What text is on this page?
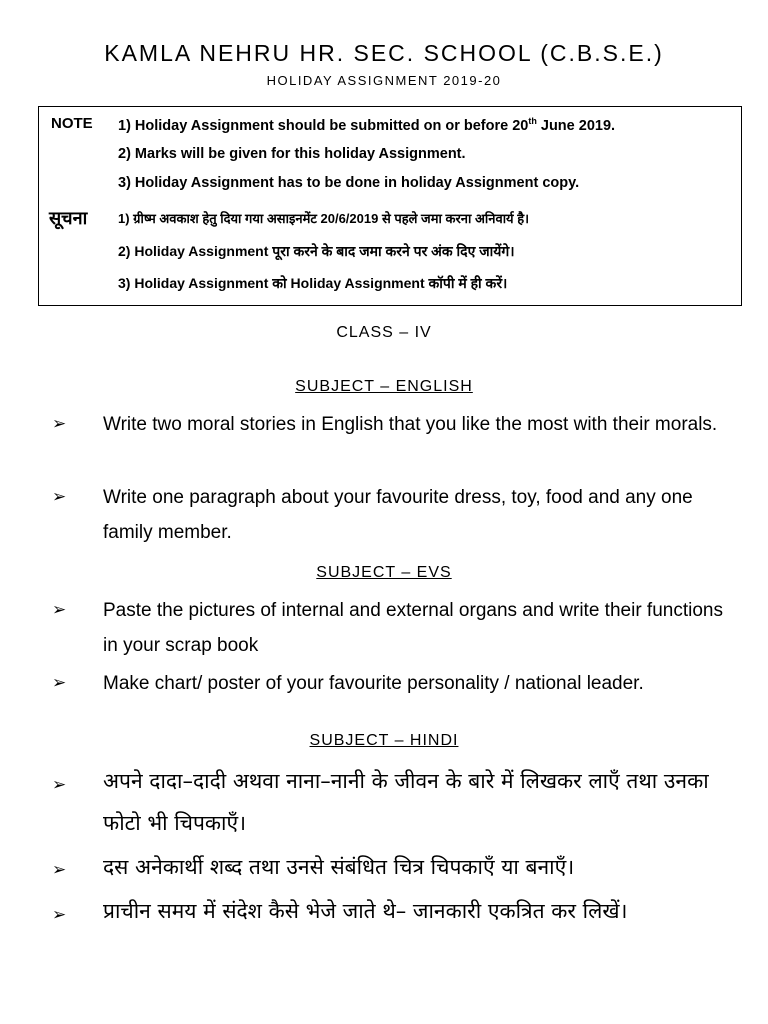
KAMLA NEHRU HR. SEC. SCHOOL (C.B.S.E.)
HOLIDAY ASSIGNMENT 2019-20
NOTE 1) Holiday Assignment should be submitted on or before 20th June 2019.
2) Marks will be given for this holiday Assignment.
3) Holiday Assignment has to be done in holiday Assignment copy.
सूचना 1) ग्रीष्म अवकाश हेतु दिया गया असाइनमेंट 20/6/2019 से पहले जमा करना अनिवार्य है।
2) Holiday Assignment पूरा करने के बाद जमा करने पर अंक दिए जायेंगे।
3) Holiday Assignment को Holiday Assignment कॉपी में ही करें।
CLASS – IV
SUBJECT – ENGLISH
➢ Write two moral stories in English that you like the most with their morals.
➢ Write one paragraph about your favourite dress, toy, food and any one family member.
SUBJECT – EVS
➢ Paste the pictures of internal and external organs and write their functions in your scrap book
➢ Make chart/ poster of your favourite personality / national leader.
SUBJECT – HINDI
➢ अपने दादा–दादी अथवा नाना–नानी के जीवन के बारे में लिखकर लाएँ तथा उनका फोटो भी चिपकाएँ।
➢ दस अनेकार्थी शब्द तथा उनसे संबंधित चित्र चिपकाएँ या बनाएँ।
➢ प्राचीन समय में संदेश कैसे भेजे जाते थे– जानकारी एकत्रित कर लिखें।
